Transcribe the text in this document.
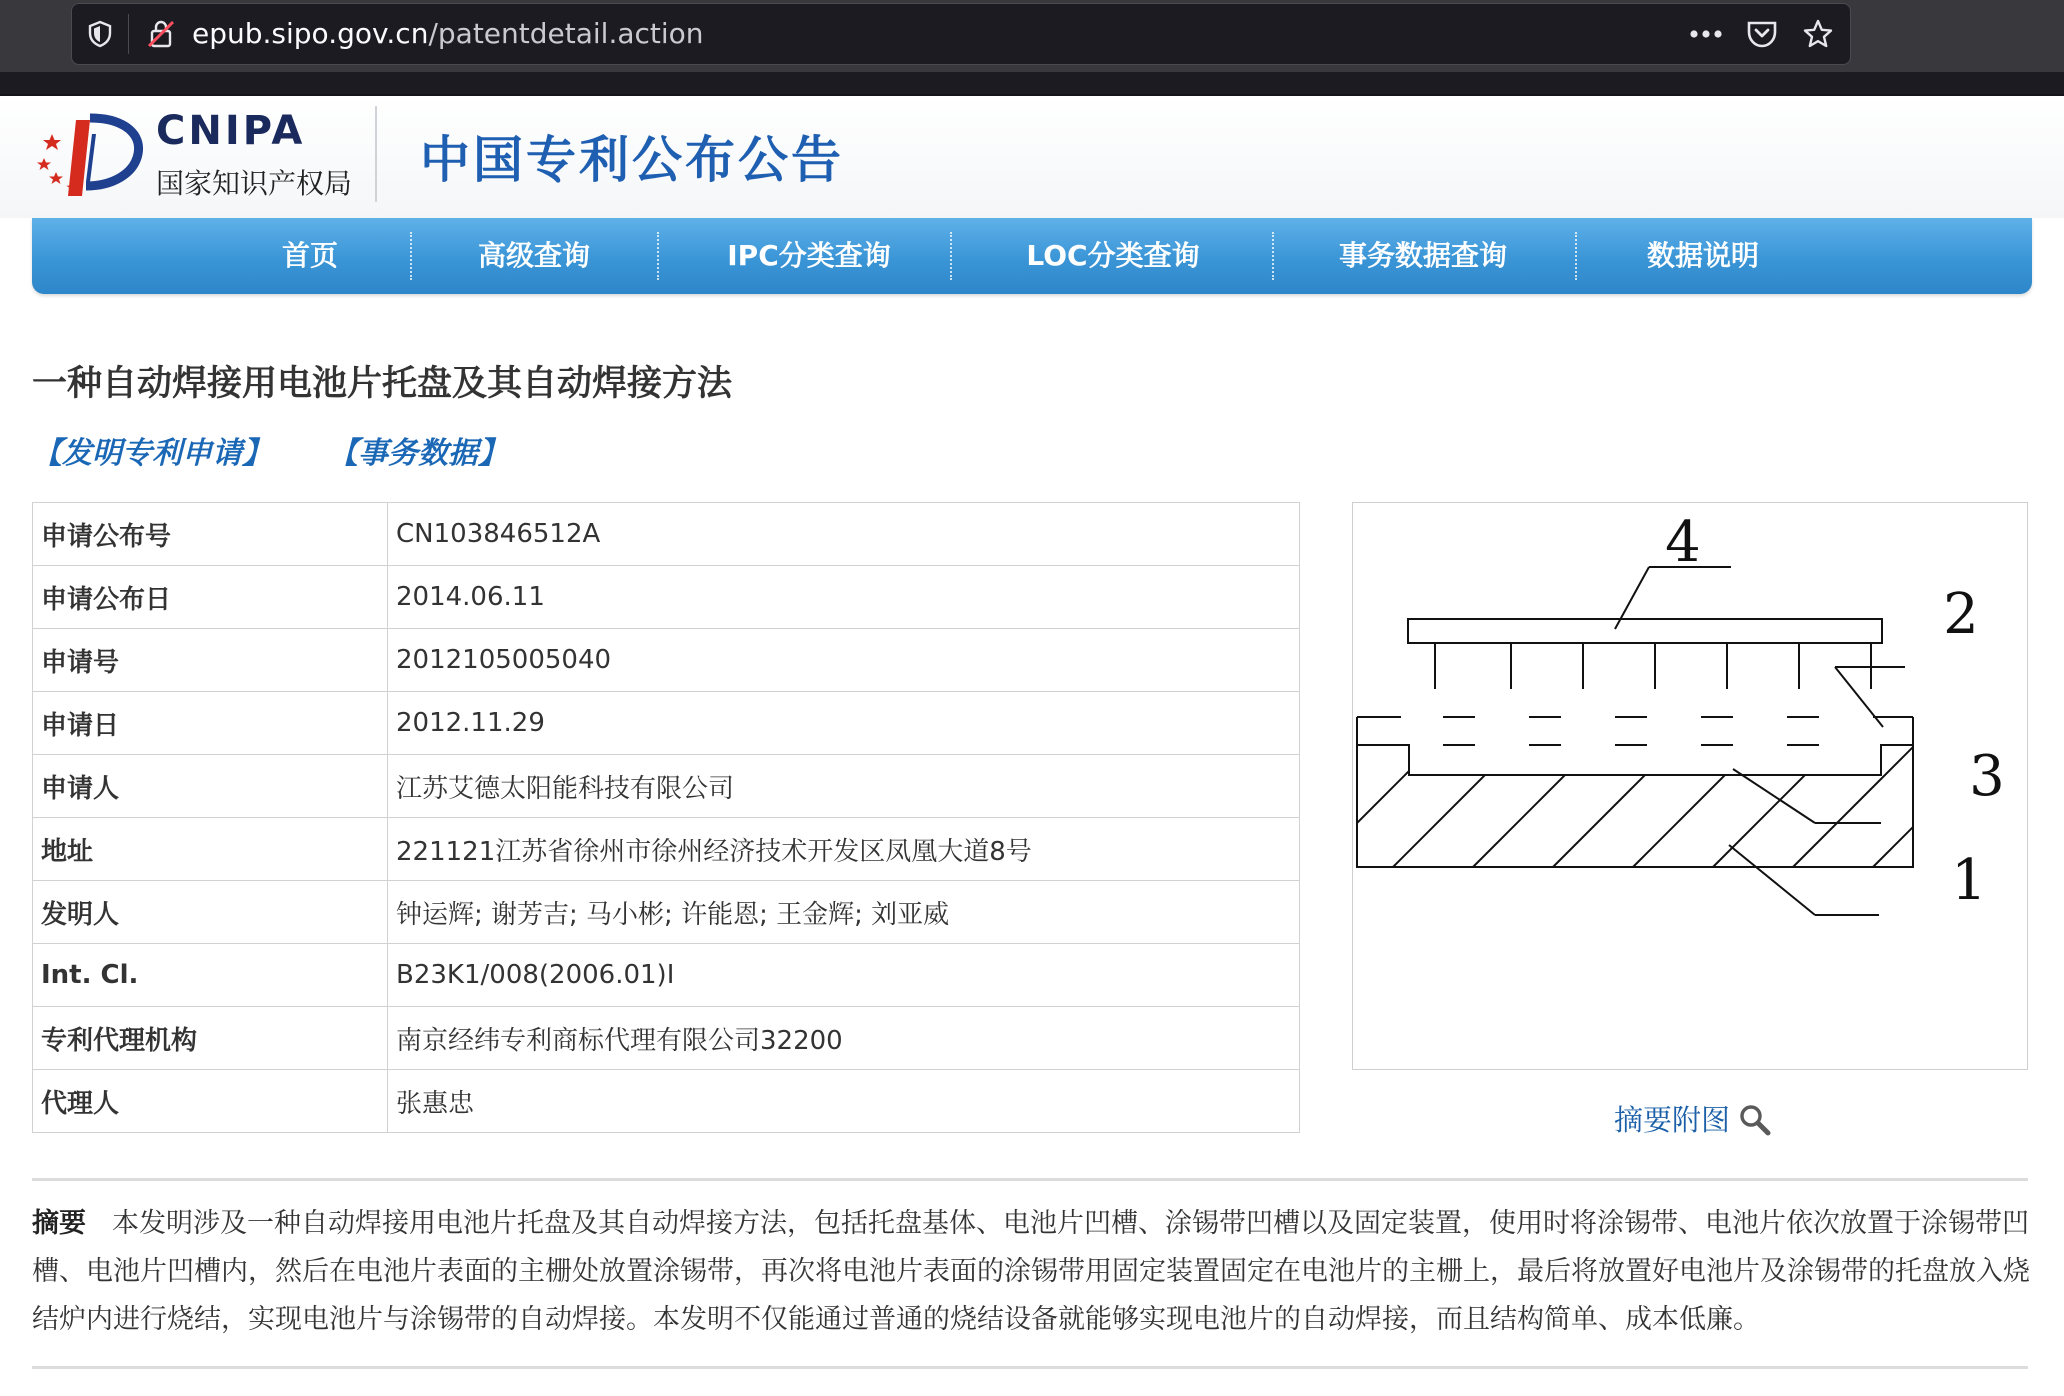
epub.sipo.gov.cn/patentdetail.action
CNIPA
国家知识产权局 中国专利公布公告
首页	高级查询	IPC分类查询	LOC分类查询	事务数据查询	数据说明
一种自动焊接用电池片托盘及其自动焊接方法
【发明专利申请】 【事务数据】
申请公布号	CN103846512A
申请公布日	2014.06.11
申请号	2012105005040
申请日	2012.11.29
申请人	江苏艾德太阳能科技有限公司
地址	221121江苏省徐州市徐州经济技术开发区凤凰大道8号
发明人	钟运辉; 谢芳吉; 马小彬; 许能恩; 王金辉; 刘亚威
Int. Cl.	B23K1/008(2006.01)I
专利代理机构	南京经纬专利商标代理有限公司32200
代理人	张惠忠
4
2
3
1
摘要附图
摘要 本发明涉及一种自动焊接用电池片托盘及其自动焊接方法，包括托盘基体、电池片凹槽、涂锡带凹槽以及固定装置，使用时将涂锡带、电池片依次放置于涂锡带凹槽、电池片凹槽内，然后在电池片表面的主栅处放置涂锡带，再次将电池片表面的涂锡带用固定装置固定在电池片的主栅上，最后将放置好电池片及涂锡带的托盘放入烧结炉内进行烧结，实现电池片与涂锡带的自动焊接。本发明不仅能通过普通的烧结设备就能够实现电池片的自动焊接，而且结构简单、成本低廉。
